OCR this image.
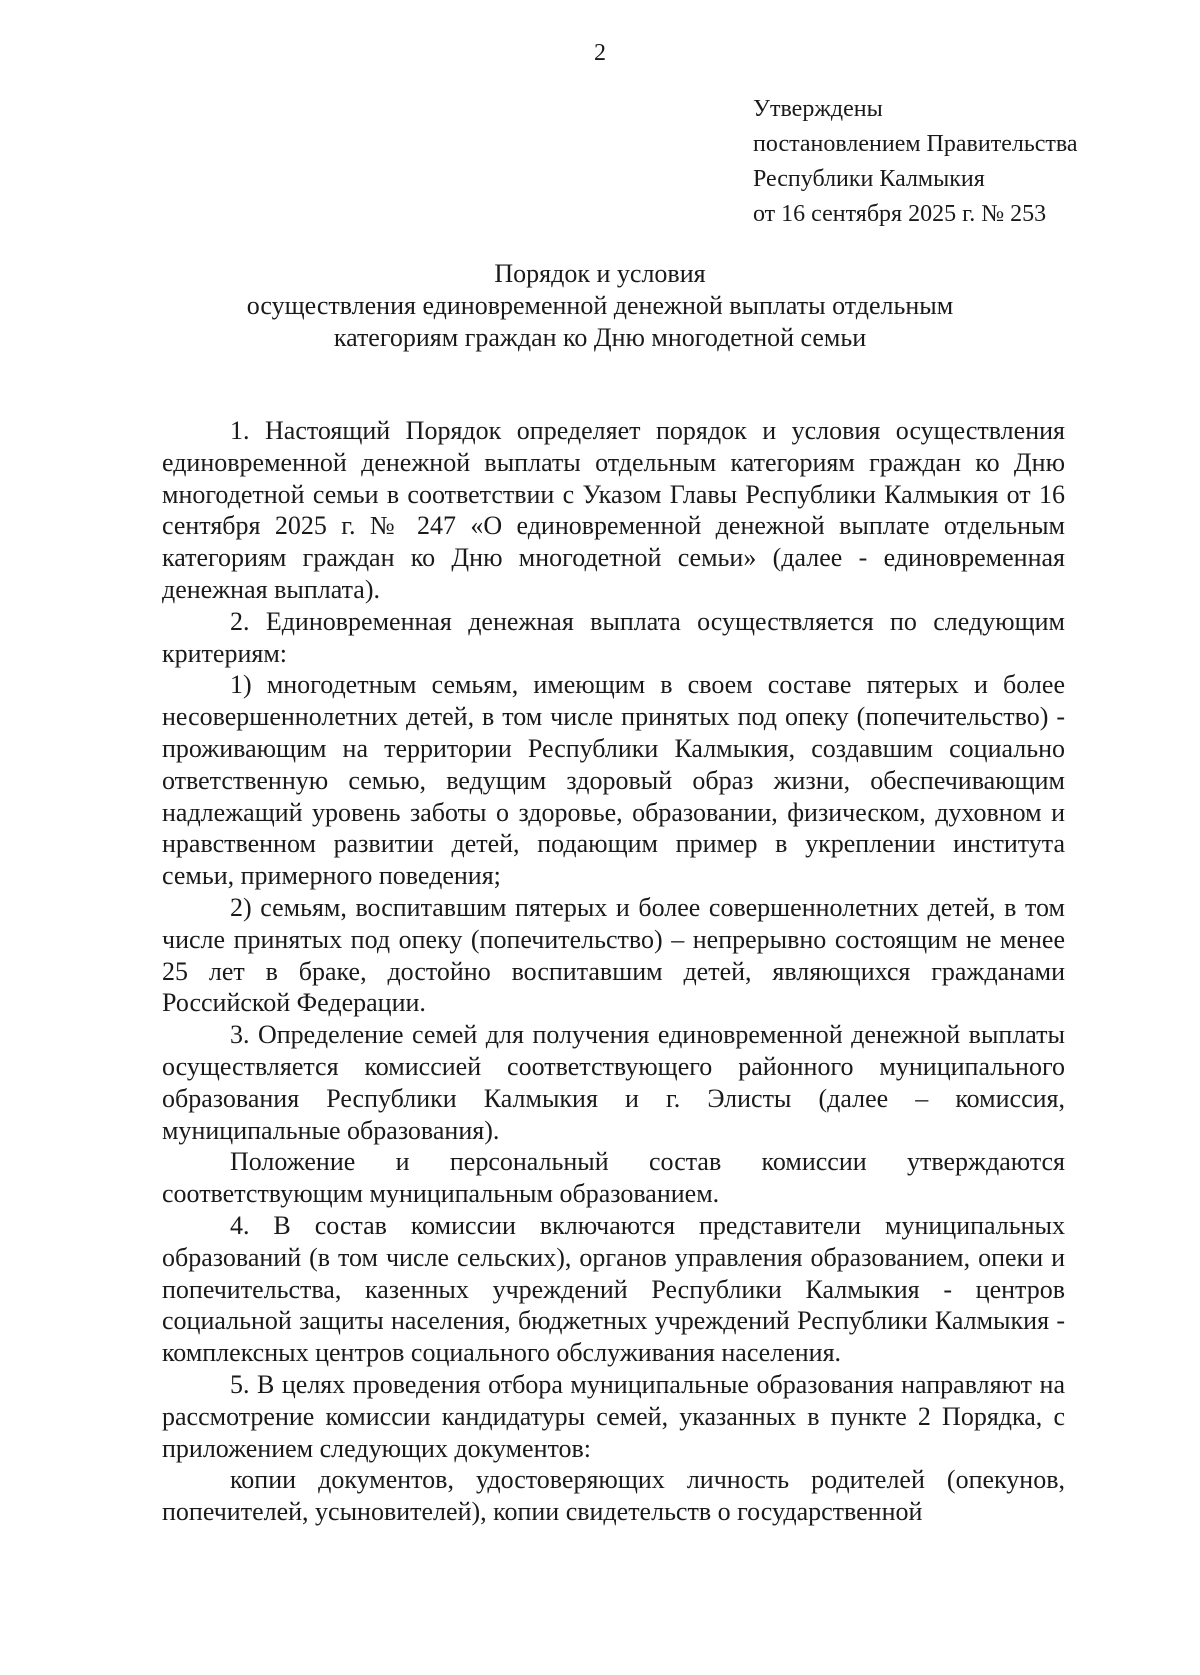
2
Утверждены
постановлением Правительства
Республики Калмыкия
от 16 сентября 2025 г. № 253
Порядок и условия
осуществления единовременной денежной выплаты отдельным
категориям граждан ко Дню многодетной семьи

1. Настоящий Порядок определяет порядок и условия осуществления единовременной денежной выплаты отдельным категориям граждан ко Дню многодетной семьи в соответствии с Указом Главы Республики Калмыкия от 16 сентября 2025 г. № 247 «О единовременной денежной выплате отдельным категориям граждан ко Дню многодетной семьи» (далее - единовременная денежная выплата).

2. Единовременная денежная выплата осуществляется по следующим критериям:

1) многодетным семьям, имеющим в своем составе пятерых и более несовершеннолетних детей, в том числе принятых под опеку (попечительство) - проживающим на территории Республики Калмыкия, создавшим социально ответственную семью, ведущим здоровый образ жизни, обеспечивающим надлежащий уровень заботы о здоровье, образовании, физическом, духовном и нравственном развитии детей, подающим пример в укреплении института семьи, примерного поведения;

2) семьям, воспитавшим пятерых и более совершеннолетних детей, в том числе принятых под опеку (попечительство) – непрерывно состоящим не менее 25 лет в браке, достойно воспитавшим детей, являющихся гражданами Российской Федерации.

3. Определение семей для получения единовременной денежной выплаты осуществляется комиссией соответствующего районного муниципального образования Республики Калмыкия и г. Элисты (далее – комиссия, муниципальные образования).

Положение и персональный состав комиссии утверждаются соответствующим муниципальным образованием.

4. В состав комиссии включаются представители муниципальных образований (в том числе сельских), органов управления образованием, опеки и попечительства, казенных учреждений Республики Калмыкия - центров социальной защиты населения, бюджетных учреждений Республики Калмыкия - комплексных центров социального обслуживания населения.

5. В целях проведения отбора муниципальные образования направляют на рассмотрение комиссии кандидатуры семей, указанных в пункте 2 Порядка, с приложением следующих документов:

копии документов, удостоверяющих личность родителей (опекунов, попечителей, усыновителей), копии свидетельств о государственной
